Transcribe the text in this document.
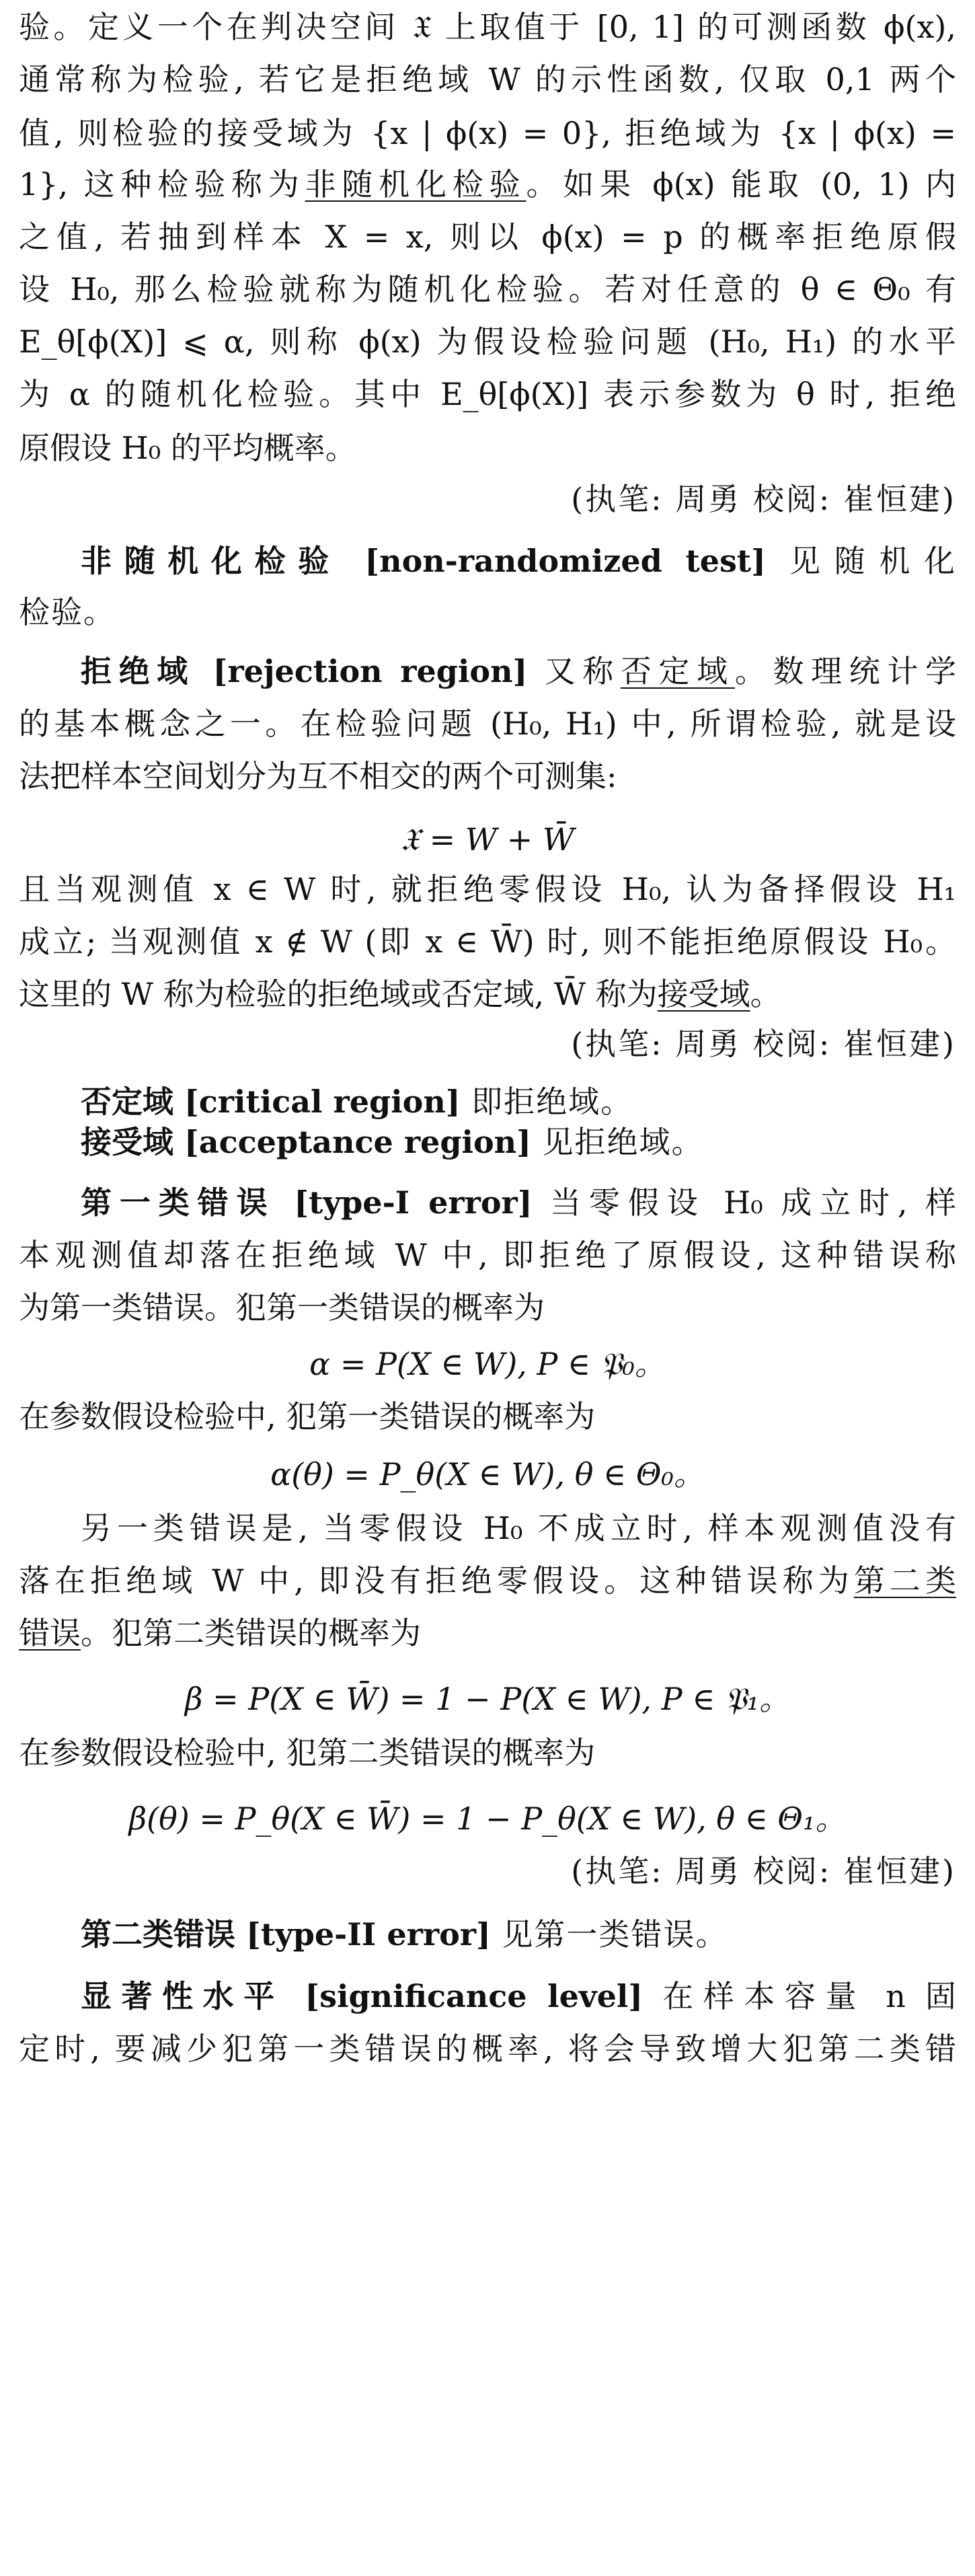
验。定义一个在判决空间 𝔛 上取值于 [0, 1] 的可测函数 ϕ(x),
通常称为检验, 若它是拒绝域 W 的示性函数, 仅取 0,1 两个
值, 则检验的接受域为 {x | ϕ(x) = 0}, 拒绝域为 {x | ϕ(x) =
1}, 这种检验称为非随机化检验。如果 ϕ(x) 能取 (0, 1) 内
之值, 若抽到样本 X = x, 则以 ϕ(x) = p 的概率拒绝原假
设 H₀, 那么检验就称为随机化检验。若对任意的 θ ∈ Θ₀ 有
E_θ[ϕ(X)] ⩽ α, 则称 ϕ(x) 为假设检验问题 (H₀, H₁) 的水平
为 α 的随机化检验。其中 E_θ[ϕ(X)] 表示参数为 θ 时, 拒绝
原假设 H₀ 的平均概率。
(执笔: 周勇 校阅: 崔恒建)
非随机化检验 [non-randomized test] 见随机化
检验。
拒绝域 [rejection region] 又称否定域。数理统计学
的基本概念之一。在检验问题 (H₀, H₁) 中, 所谓检验, 就是设
法把样本空间划分为互不相交的两个可测集:
𝔛 = W + W̄
且当观测值 x ∈ W 时, 就拒绝零假设 H₀, 认为备择假设 H₁
成立; 当观测值 x ∉ W (即 x ∈ W̄) 时, 则不能拒绝原假设 H₀。
这里的 W 称为检验的拒绝域或否定域, W̄ 称为接受域。
(执笔: 周勇 校阅: 崔恒建)
否定域 [critical region] 即拒绝域。
接受域 [acceptance region] 见拒绝域。
第一类错误 [type-I error] 当零假设 H₀ 成立时, 样
本观测值却落在拒绝域 W 中, 即拒绝了原假设, 这种错误称
为第一类错误。犯第一类错误的概率为
α = P(X ∈ W), P ∈ 𝔓₀。
在参数假设检验中, 犯第一类错误的概率为
α(θ) = P_θ(X ∈ W), θ ∈ Θ₀。
另一类错误是, 当零假设 H₀ 不成立时, 样本观测值没有
落在拒绝域 W 中, 即没有拒绝零假设。这种错误称为第二类
错误。犯第二类错误的概率为
β = P(X ∈ W̄) = 1 − P(X ∈ W), P ∈ 𝔓₁。
在参数假设检验中, 犯第二类错误的概率为
β(θ) = P_θ(X ∈ W̄) = 1 − P_θ(X ∈ W), θ ∈ Θ₁。
(执笔: 周勇 校阅: 崔恒建)
第二类错误 [type-II error] 见第一类错误。
显著性水平 [significance level] 在样本容量 n 固
定时, 要减少犯第一类错误的概率, 将会导致增大犯第二类错
